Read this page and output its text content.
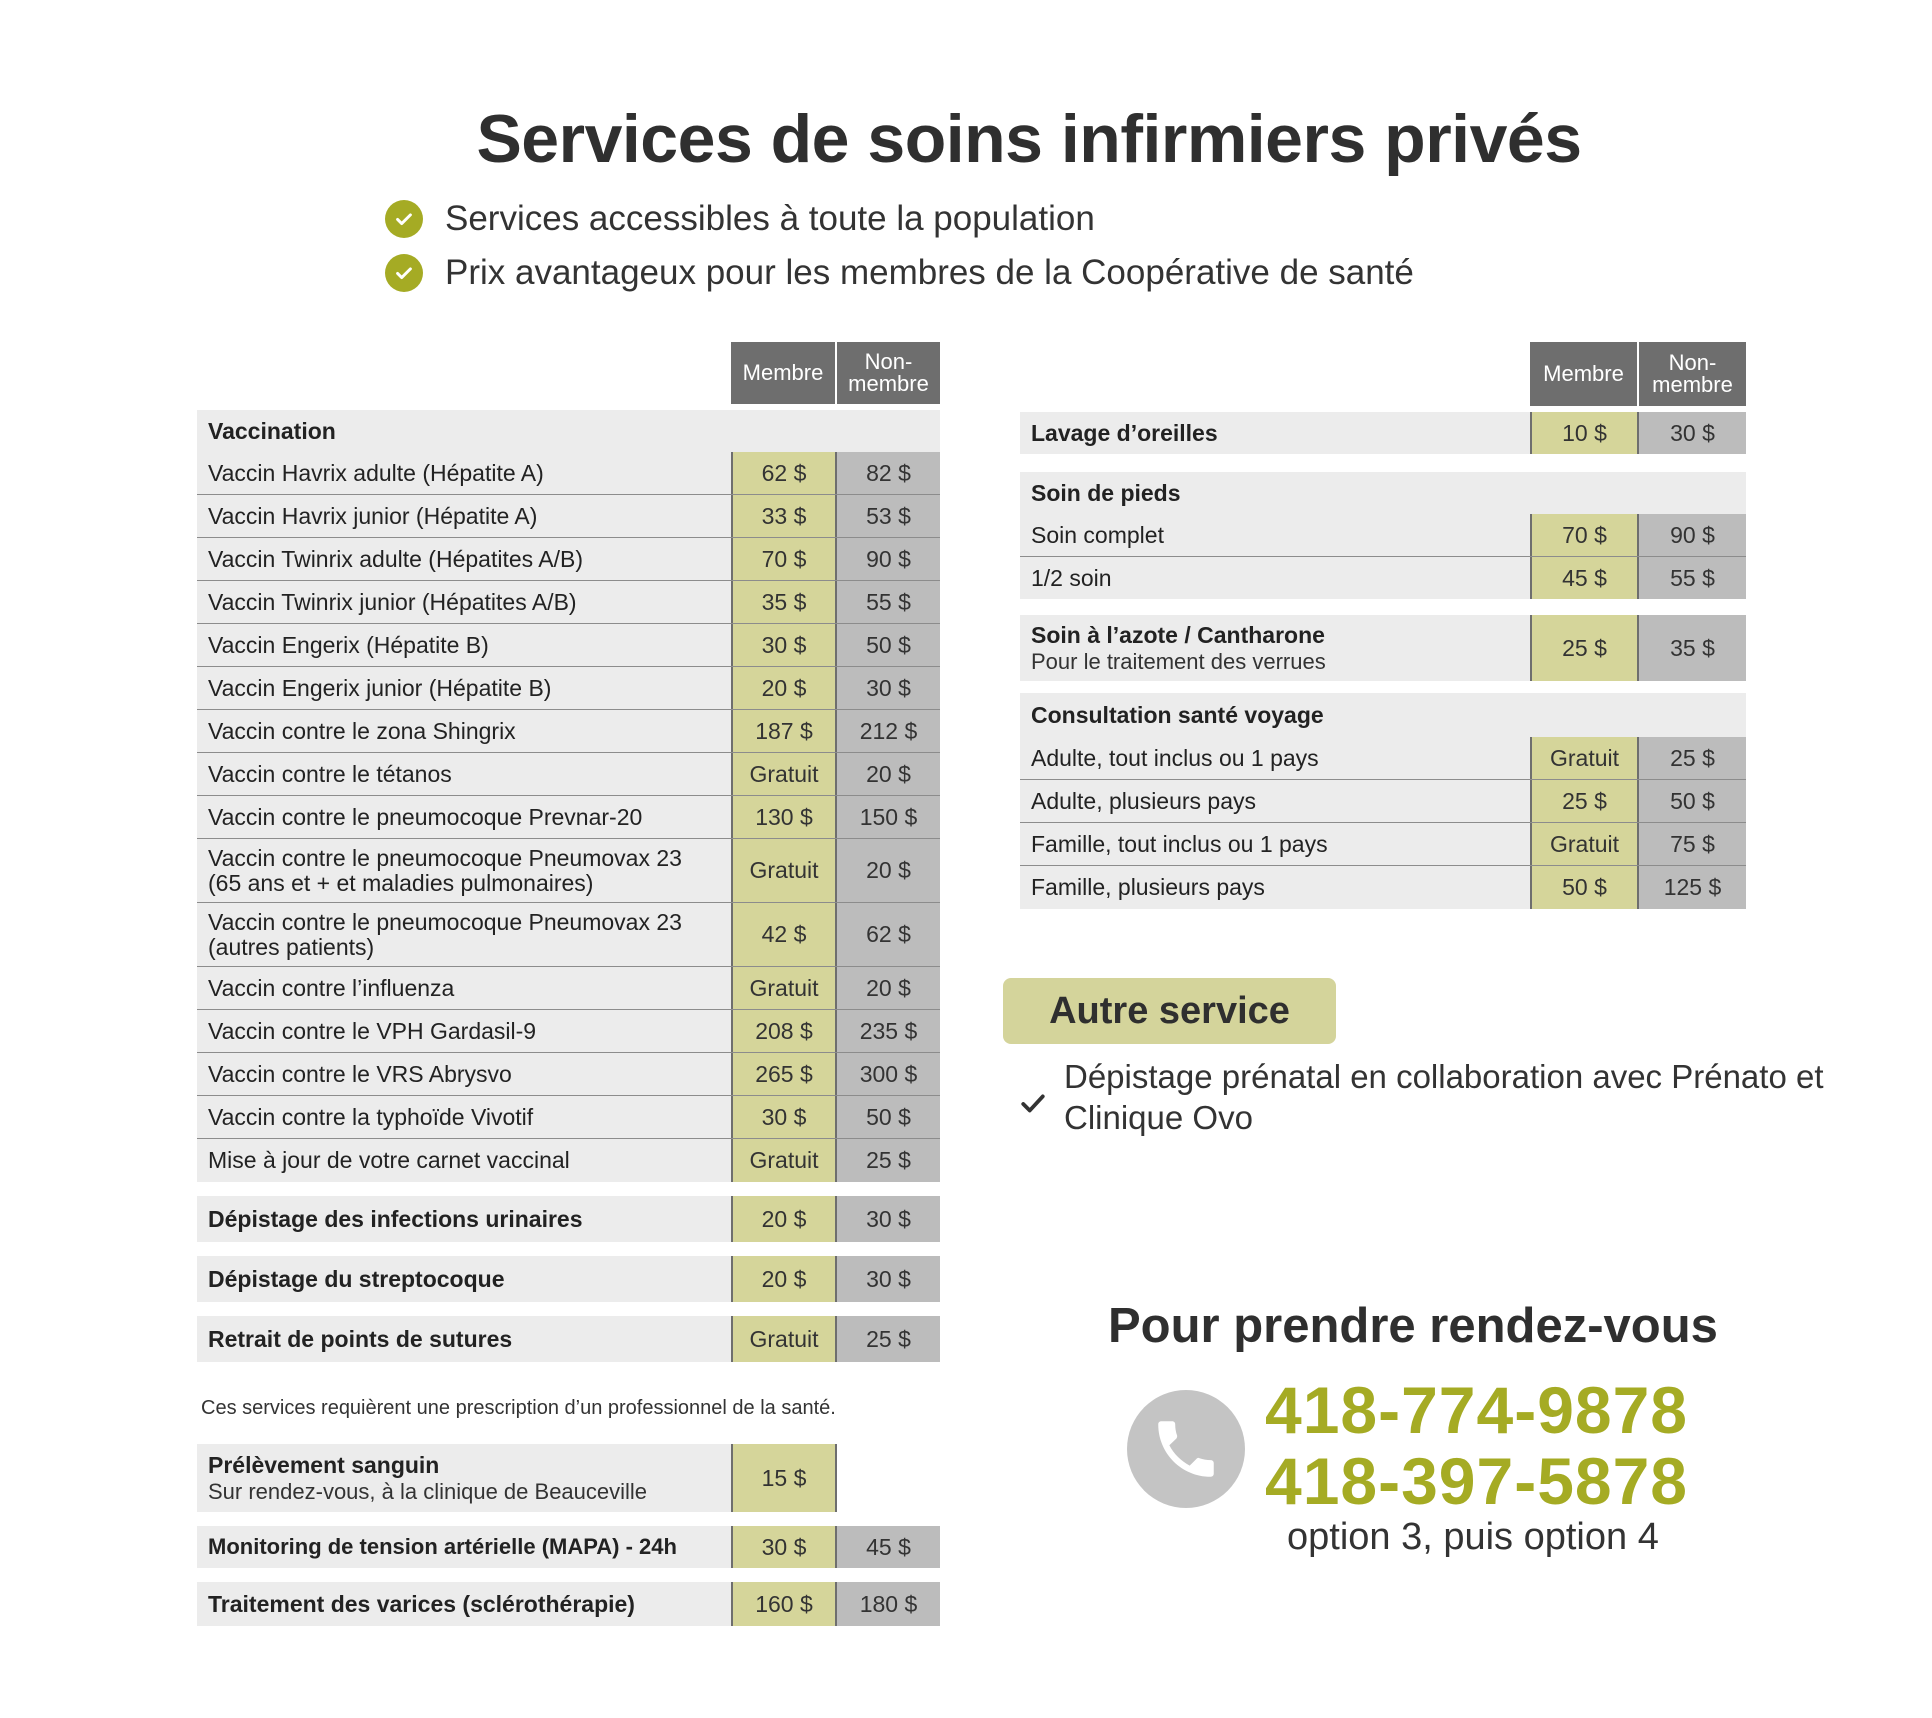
Services de soins infirmiers privés
Services accessibles à toute la population
Prix avantageux pour les membres de la Coopérative de santé
Membre Non-
membre
Vaccination
Vaccin Havrix adulte (Hépatite A)	62 $	82 $
Vaccin Havrix junior (Hépatite A)	33 $	53 $
Vaccin Twinrix adulte (Hépatites A/B)	70 $	90 $
Vaccin Twinrix junior (Hépatites A/B)	35 $	55 $
Vaccin Engerix (Hépatite B)	30 $	50 $
Vaccin Engerix junior (Hépatite B)	20 $	30 $
Vaccin contre le zona Shingrix	187 $	212 $
Vaccin contre le tétanos	Gratuit	20 $
Vaccin contre le pneumocoque Prevnar-20	130 $	150 $
Vaccin contre le pneumocoque Pneumovax 23
(65 ans et + et maladies pulmonaires)	Gratuit	20 $
Vaccin contre le pneumocoque Pneumovax 23
(autres patients)	42 $	62 $
Vaccin contre l’influenza	Gratuit	20 $
Vaccin contre le VPH Gardasil-9	208 $	235 $
Vaccin contre le VRS Abrysvo	265 $	300 $
Vaccin contre la typhoïde Vivotif	30 $	50 $
Mise à jour de votre carnet vaccinal	Gratuit	25 $
Dépistage des infections urinaires	20 $	30 $
Dépistage du streptocoque	20 $	30 $
Retrait de points de sutures	Gratuit	25 $
Ces services requièrent une prescription d’un professionnel de la santé.
Prélèvement sanguin
Sur rendez-vous, à la clinique de Beauceville
15 $
Monitoring de tension artérielle (MAPA) - 24h	30 $	45 $
Traitement des varices (sclérothérapie)	160 $	180 $
Membre Non-
membre
Lavage d’oreilles	10 $	30 $
Soin de pieds
Soin complet	70 $	90 $
1/2 soin	45 $	55 $
Soin à l’azote / Cantharone
Pour le traitement des verrues
25 $	35 $
Consultation santé voyage
Adulte, tout inclus ou 1 pays	Gratuit	25 $
Adulte, plusieurs pays	25 $	50 $
Famille, tout inclus ou 1 pays	Gratuit	75 $
Famille, plusieurs pays	50 $	125 $
Autre service
Dépistage prénatal en collaboration avec Prénato et Clinique Ovo
Pour prendre rendez-vous
418-774-9878
418-397-5878
option 3, puis option 4
